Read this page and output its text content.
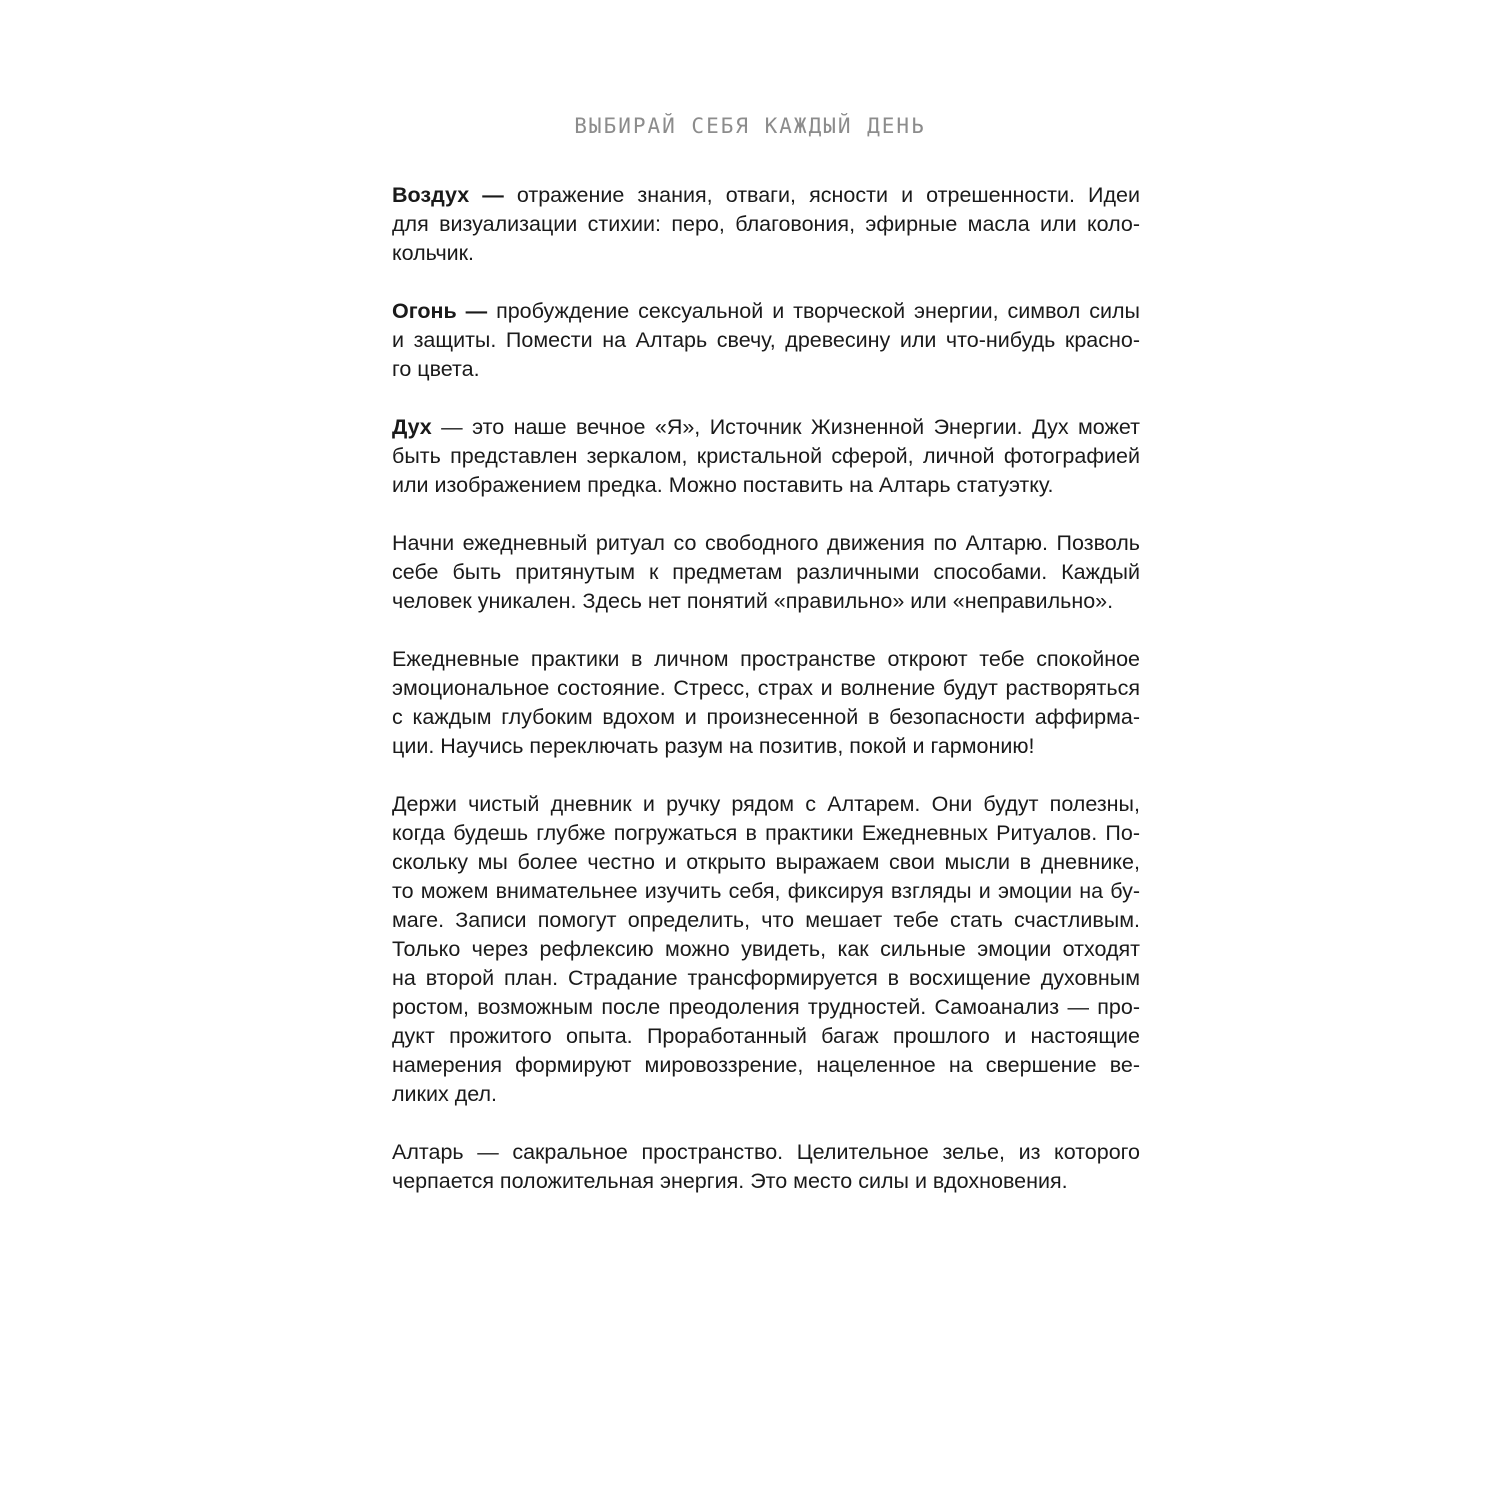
ВЫБИРАЙ СЕБЯ КАЖДЫЙ ДЕНЬ

Воздух — отражение знания, отваги, ясности и отрешенности. Идеи
для визуализации стихии: перо, благовония, эфирные масла или коло-
кольчик.

Огонь — пробуждение сексуальной и творческой энергии, символ силы
и защиты. Помести на Алтарь свечу, древесину или что-нибудь красно-
го цвета.

Дух — это наше вечное «Я», Источник Жизненной Энергии. Дух может
быть представлен зеркалом, кристальной сферой, личной фотографией
или изображением предка. Можно поставить на Алтарь статуэтку.

Начни ежедневный ритуал со свободного движения по Алтарю. Позволь
себе быть притянутым к предметам различными способами. Каждый
человек уникален. Здесь нет понятий «правильно» или «неправильно».

Ежедневные практики в личном пространстве откроют тебе спокойное
эмоциональное состояние. Стресс, страх и волнение будут растворяться
с каждым глубоким вдохом и произнесенной в безопасности аффирма-
ции. Научись переключать разум на позитив, покой и гармонию!

Держи чистый дневник и ручку рядом с Алтарем. Они будут полезны,
когда будешь глубже погружаться в практики Ежедневных Ритуалов. По-
скольку мы более честно и открыто выражаем свои мысли в дневнике,
то можем внимательнее изучить себя, фиксируя взгляды и эмоции на бу-
маге. Записи помогут определить, что мешает тебе стать счастливым.
Только через рефлексию можно увидеть, как сильные эмоции отходят
на второй план. Страдание трансформируется в восхищение духовным
ростом, возможным после преодоления трудностей. Самоанализ — про-
дукт прожитого опыта. Проработанный багаж прошлого и настоящие
намерения формируют мировоззрение, нацеленное на свершение ве-
ликих дел.

Алтарь — сакральное пространство. Целительное зелье, из которого
черпается положительная энергия. Это место силы и вдохновения.
